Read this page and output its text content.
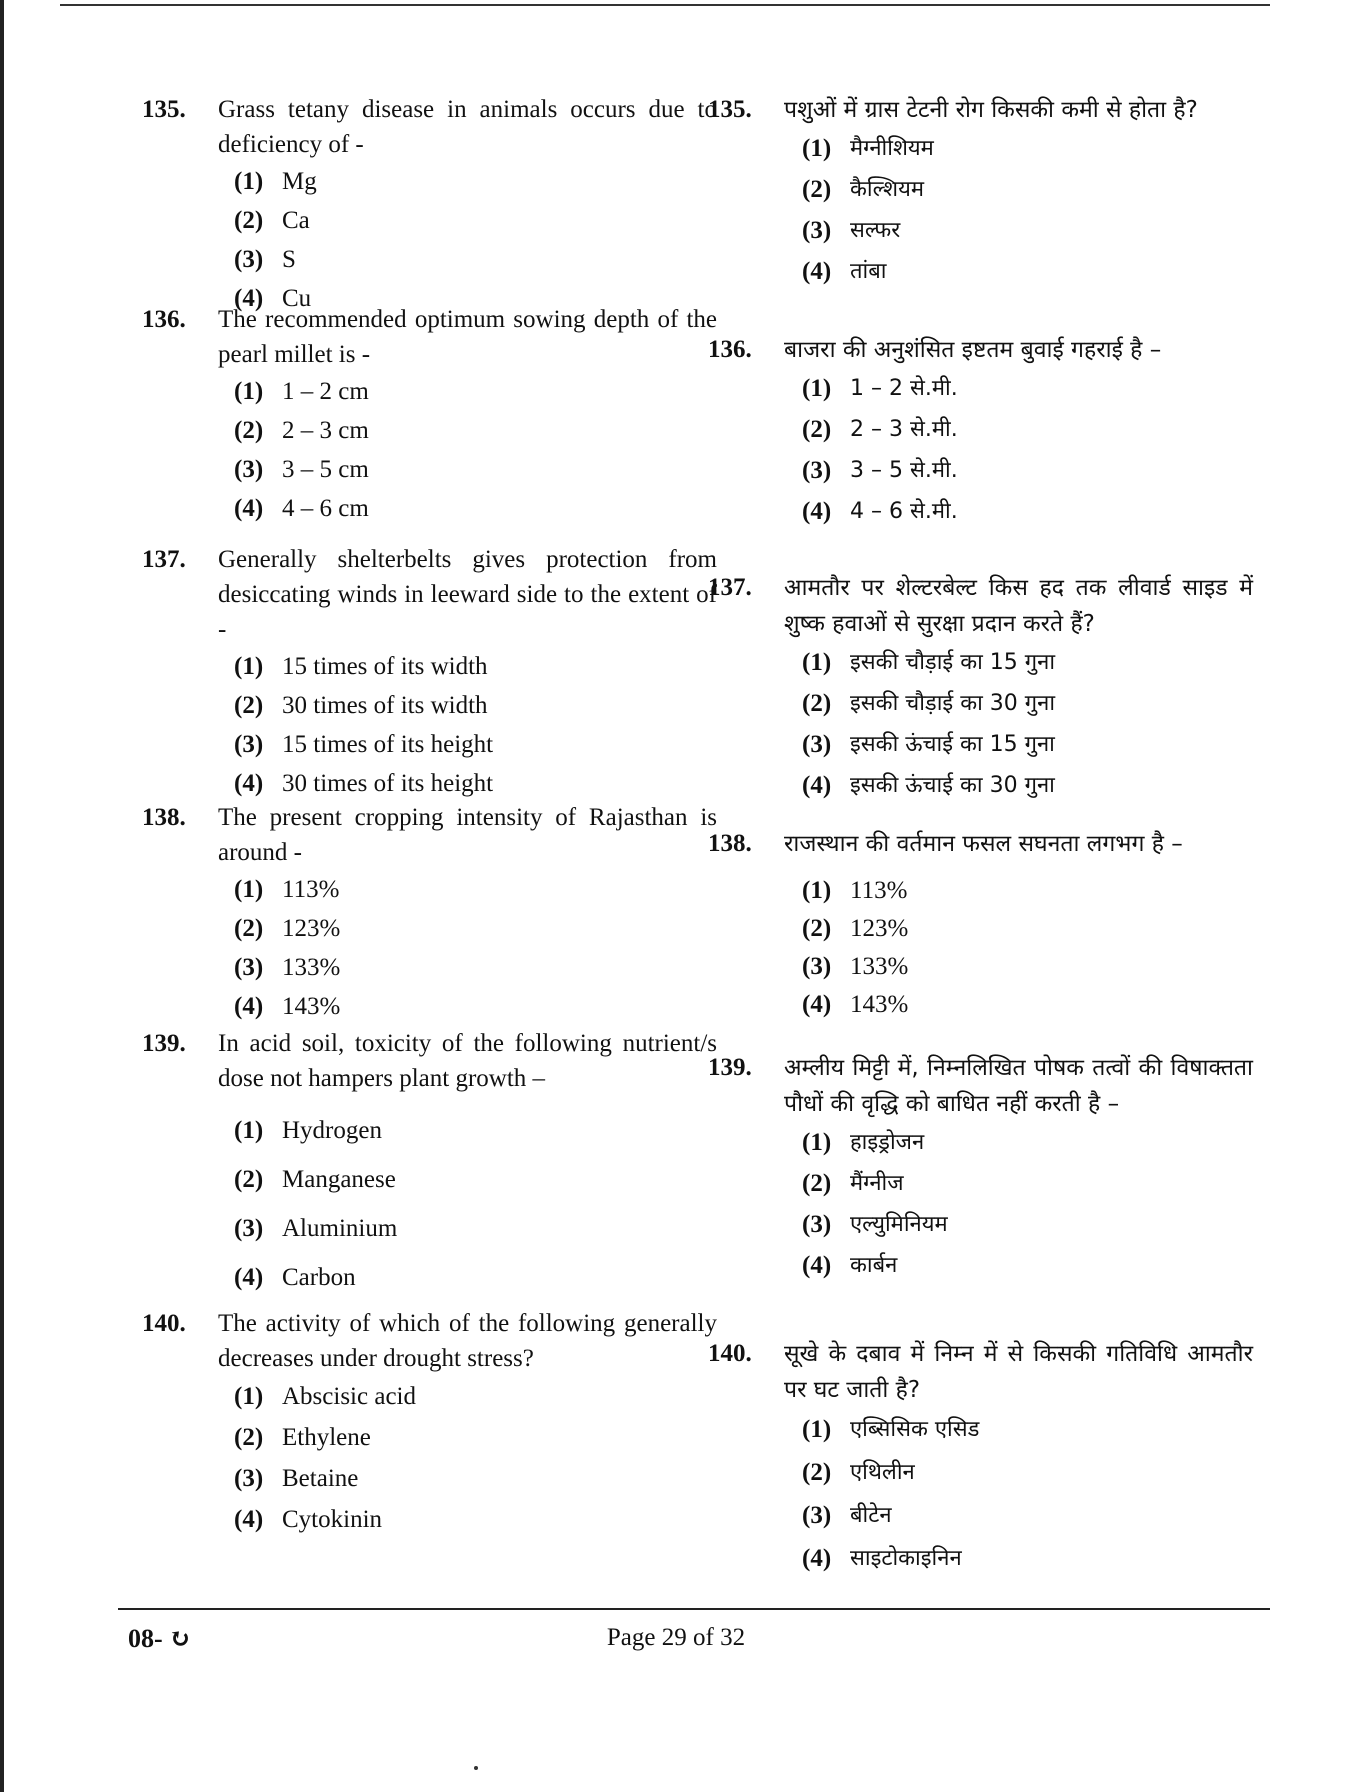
135. Grass tetany disease in animals occurs due to deficiency of -
(1) Mg
(2) Ca
(3) S
(4) Cu
136. The recommended optimum sowing depth of the pearl millet is -
(1) 1 – 2 cm
(2) 2 – 3 cm
(3) 3 – 5 cm
(4) 4 – 6 cm
137. Generally shelterbelts gives protection from desiccating winds in leeward side to the extent of -
(1) 15 times of its width
(2) 30 times of its width
(3) 15 times of its height
(4) 30 times of its height
138. The present cropping intensity of Rajasthan is around -
(1) 113%
(2) 123%
(3) 133%
(4) 143%
139. In acid soil, toxicity of the following nutrient/s dose not hampers plant growth –
(1) Hydrogen
(2) Manganese
(3) Aluminium
(4) Carbon
140. The activity of which of the following generally decreases under drought stress?
(1) Abscisic acid
(2) Ethylene
(3) Betaine
(4) Cytokinin
135. पशुओं में ग्रास टेटनी रोग किसकी कमी से होता है?
(1) मैग्नीशियम
(2) कैल्शियम
(3) सल्फर
(4) तांबा
136. बाजरा की अनुशंसित इष्टतम बुवाई गहराई है –
(1) 1 – 2 से.मी.
(2) 2 – 3 से.मी.
(3) 3 – 5 से.मी.
(4) 4 – 6 से.मी.
137. आमतौर पर शेल्टरबेल्ट किस हद तक लीवार्ड साइड में शुष्क हवाओं से सुरक्षा प्रदान करते हैं?
(1) इसकी चौड़ाई का 15 गुना
(2) इसकी चौड़ाई का 30 गुना
(3) इसकी ऊंचाई का 15 गुना
(4) इसकी ऊंचाई का 30 गुना
138. राजस्थान की वर्तमान फसल सघनता लगभग है –
(1) 113%
(2) 123%
(3) 133%
(4) 143%
139. अम्लीय मिट्टी में, निम्नलिखित पोषक तत्वों की विषाक्तता पौधों की वृद्धि को बाधित नहीं करती है –
(1) हाइड्रोजन
(2) मैंग्नीज
(3) एल्युमिनियम
(4) कार्बन
140. सूखे के दबाव में निम्न में से किसकी गतिविधि आमतौर पर घट जाती है?
(1) एब्सिसिक एसिड
(2) एथिलीन
(3) बीटेन
(4) साइटोकाइनिन
08- ↻	Page 29 of 32
